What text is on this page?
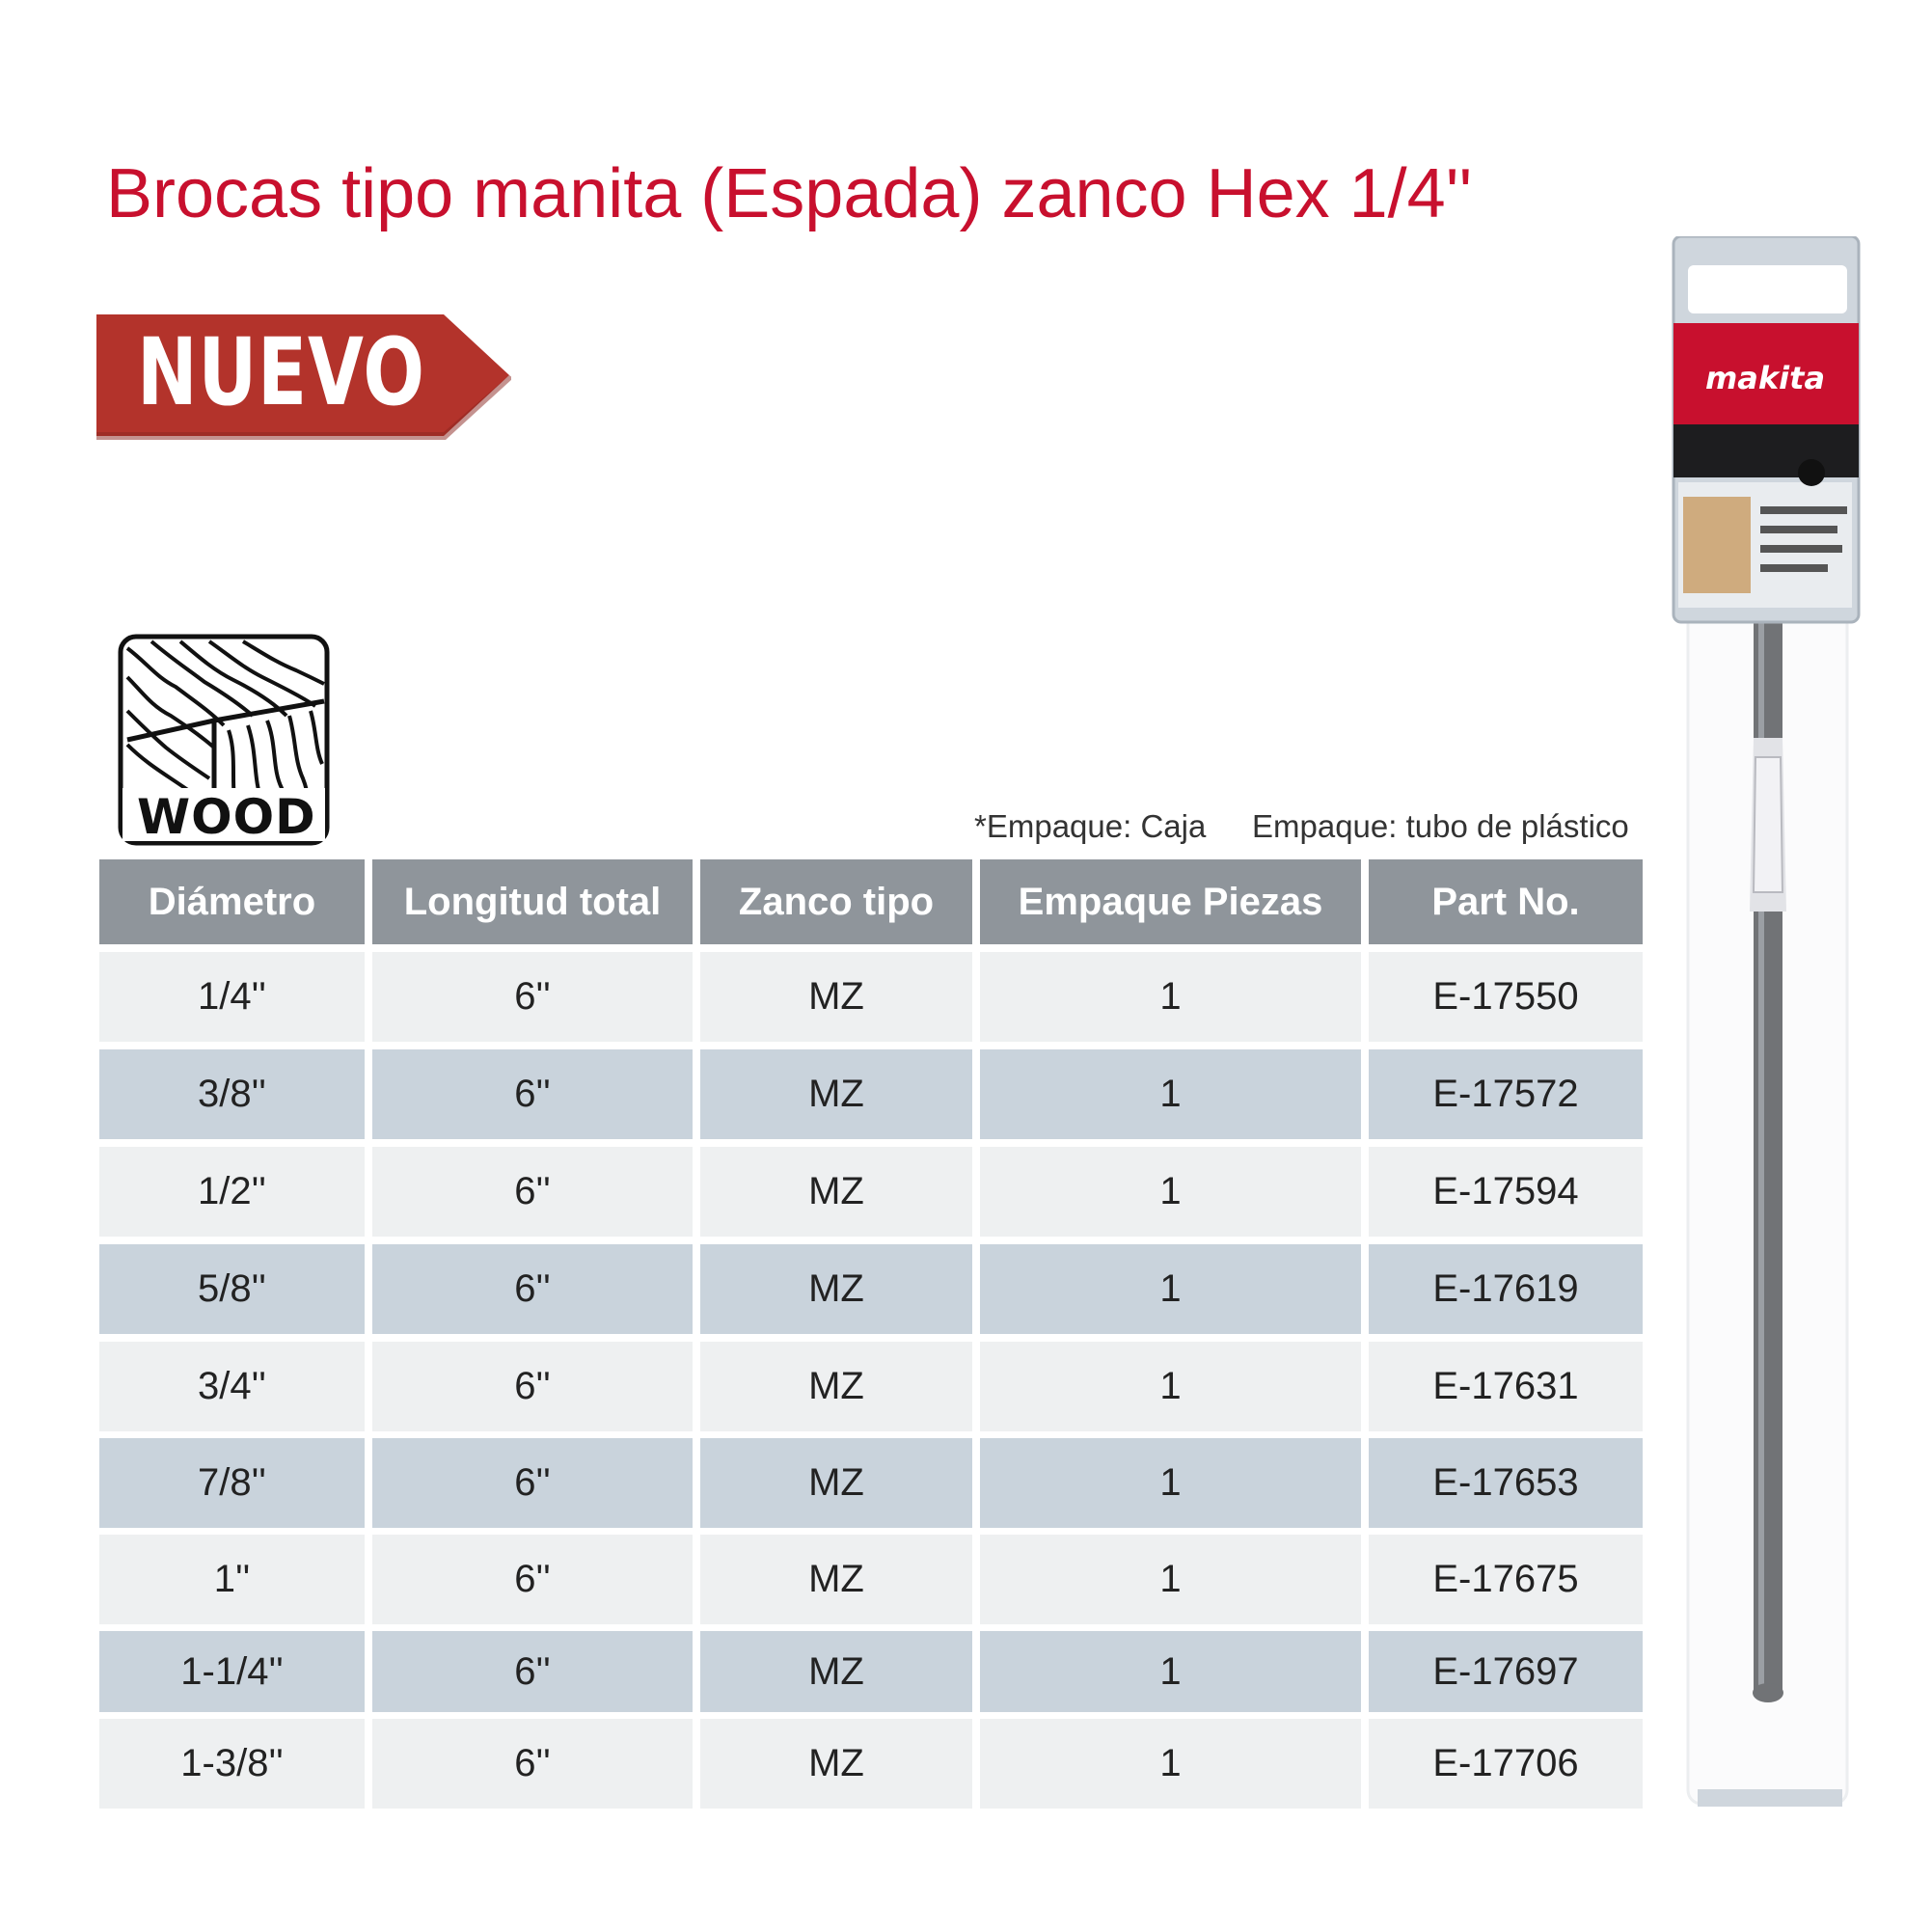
Brocas tipo manita (Espada) zanco Hex 1/4''
NUEVO
WOOD	*Empaque: Caja Empaque: tubo de plástico
Diámetro	Longitud total	Zanco tipo	Empaque Piezas	Part No.
1/4''	6''	MZ	1	E-17550
3/8''	6''	MZ	1	E-17572
1/2''	6''	MZ	1	E-17594
5/8''	6''	MZ	1	E-17619
3/4''	6''	MZ	1	E-17631
7/8''	6''	MZ	1	E-17653
1''	6''	MZ	1	E-17675
1-1/4''	6''	MZ	1	E-17697
1-3/8''	6''	MZ	1	E-17706
makita
